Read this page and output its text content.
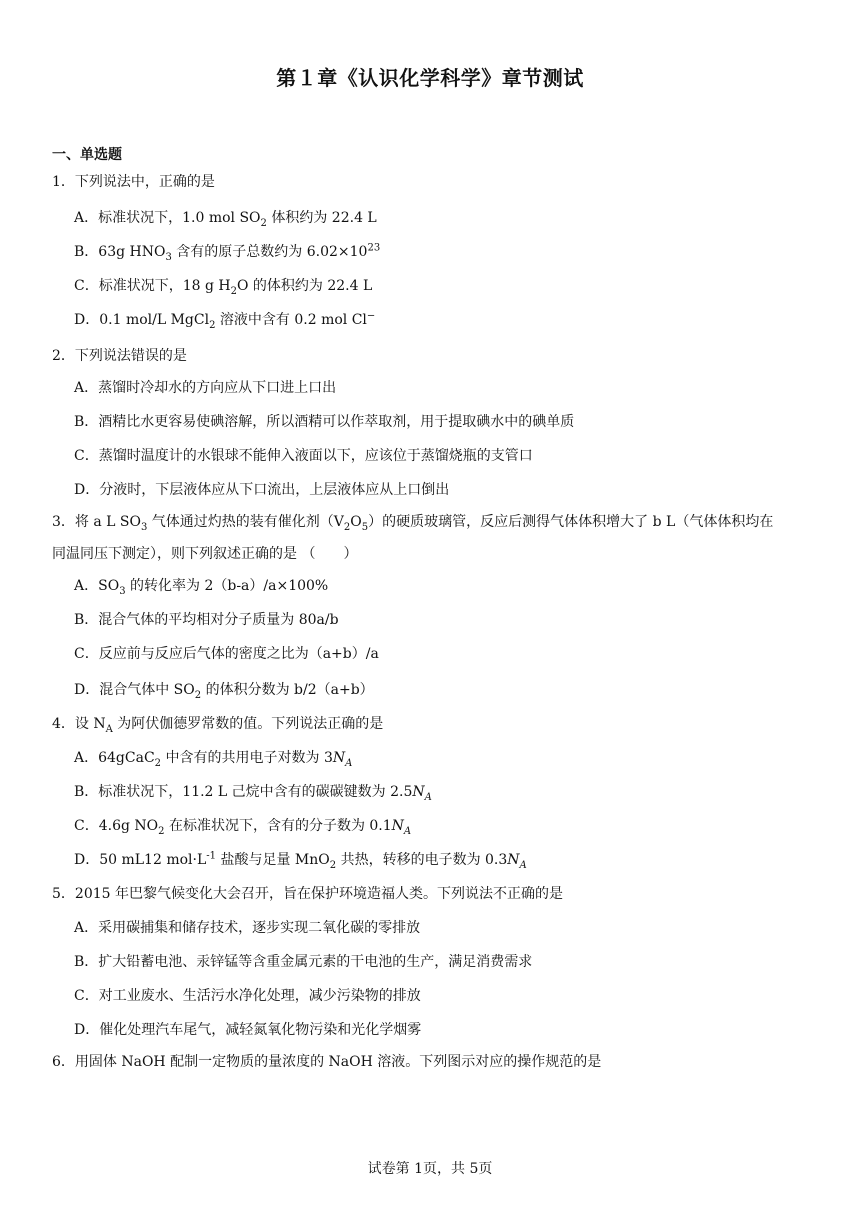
第１章《认识化学科学》章节测试
一、单选题
1．下列说法中，正确的是
A．标准状况下，1.0 mol $SO_2$ 体积约为 22.4 L
B．63g $HNO_3$ 含有的原子总数约为 $6.02\times 10^{23}$
C．标准状况下，18 g $H_2O$ 的体积约为 22.4 L
D．0.1 mol/L MgCl$_2$ 溶液中含有 0.2 mol Cl−
2．下列说法错误的是
A．蒸馏时冷却水的方向应从下口进上口出
B．酒精比水更容易使碘溶解，所以酒精可以作萃取剂，用于提取碘水中的碘单质
C．蒸馏时温度计的水银球不能伸入液面以下，应该位于蒸馏烧瓶的支管口
D．分液时，下层液体应从下口流出，上层液体应从上口倒出
3．将 a L $SO_3$ 气体通过灼热的装有催化剂$(V_2O_5)$的硬质玻璃管，反应后测得气体体积增大了 b L（气体体积均在
同温同压下测定），则下列叙述正确的是 （　　）
A．$SO_3$ 的转化率为 2（b-a）/a×100%
B．混合气体的平均相对分子质量为 80a/b
C．反应前与反应后气体的密度之比为（a+b）/a
D．混合气体中 $SO_2$ 的体积分数为 b/2（a+b）
4．设 $N_A$ 为阿伏伽德罗常数的值。下列说法正确的是
A．64gCaC$_2$ 中含有的共用电子对数为 $3N_A$
B．标准状况下，11.2 L 己烷中含有的碳碳键数为 $2.5N_A$
C．4.6g $NO_2$ 在标准状况下，含有的分子数为 $0.1N_A$
D．50 mL12 $mol\cdot L^{-1}$ 盐酸与足量 MnO$_2$ 共热，转移的电子数为 $0.3N_A$
5．2015 年巴黎气候变化大会召开，旨在保护环境造福人类。下列说法不正确的是
A．采用碳捕集和储存技术，逐步实现二氧化碳的零排放
B．扩大铅蓄电池、汞锌锰等含重金属元素的干电池的生产，满足消费需求
C．对工业废水、生活污水净化处理，减少污染物的排放
D．催化处理汽车尾气，减轻氮氧化物污染和光化学烟雾
6．用固体 NaOH 配制一定物质的量浓度的 NaOH 溶液。下列图示对应的操作规范的是
试卷第 1页，共 5页
